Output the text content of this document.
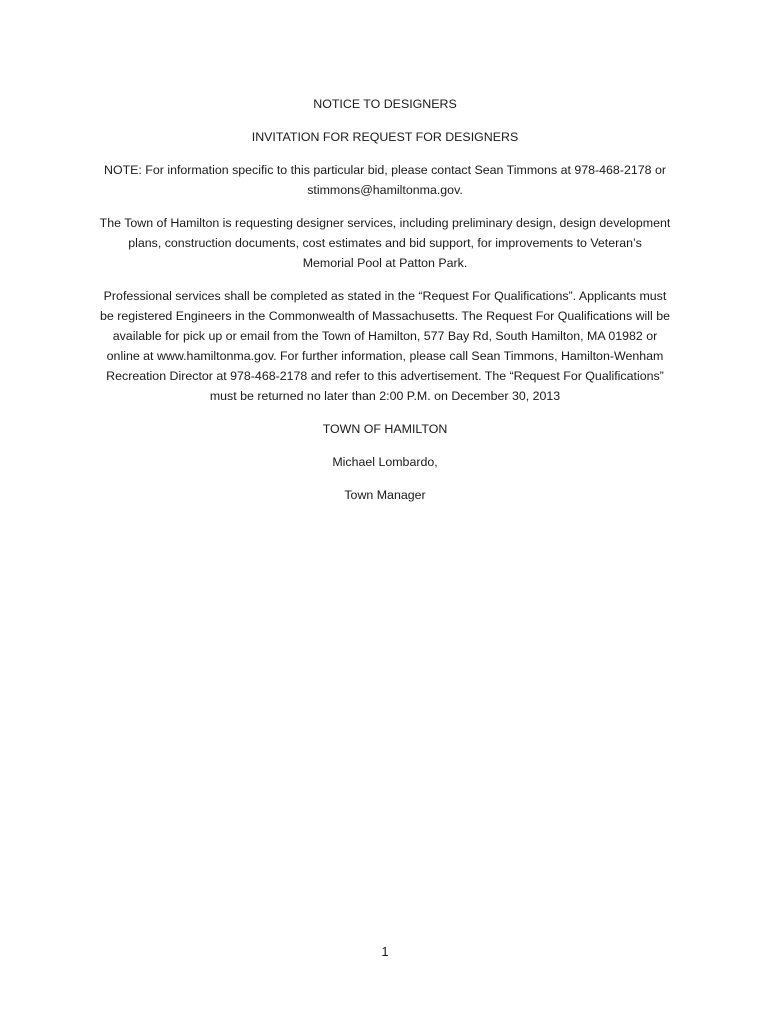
NOTICE TO DESIGNERS

INVITATION FOR REQUEST FOR DESIGNERS

NOTE: For information specific to this particular bid, please contact Sean Timmons at 978-468-2178 or
stimmons@hamiltonma.gov.
The Town of Hamilton is requesting designer services, including preliminary design, design development
plans, construction documents, cost estimates and bid support, for improvements to Veteran’s
Memorial Pool at Patton Park.
Professional services shall be completed as stated in the “Request For Qualifications”. Applicants must
be registered Engineers in the Commonwealth of Massachusetts. The Request For Qualifications will be
available for pick up or email from the Town of Hamilton, 577 Bay Rd, South Hamilton, MA 01982 or
online at www.hamiltonma.gov. For further information, please call Sean Timmons, Hamilton-Wenham
Recreation Director at 978-468-2178 and refer to this advertisement. The “Request For Qualifications”
must be returned no later than 2:00 P.M. on December 30, 2013

TOWN OF HAMILTON

Michael Lombardo,

Town Manager

1
